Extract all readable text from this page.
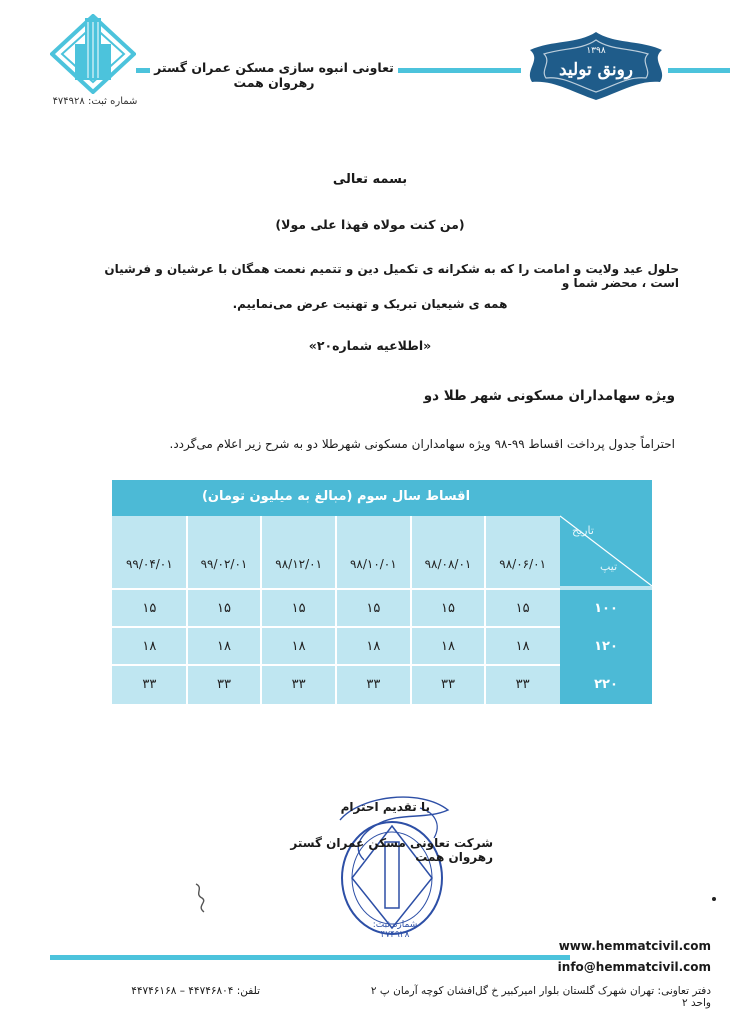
شماره ثبت: ۴۷۴۹۲۸
تعاونی انبوه سازی مسکن عمران گستر رهروان همت
رونق تولید
۱۳۹۸
بسمه تعالی
(من کنت مولاه فهذا علی مولا)
حلول عید ولایت و امامت را که به شکرانه ی تکمیل دین و تتمیم نعمت همگان با عرشیان و فرشیان است ، محضر شما و
همه ی شیعیان تبریک و تهنیت عرض می‌نماییم.
«اطلاعیه شماره۲۰»
ویژه سهامداران مسکونی شهر طلا دو
احتراماً جدول پرداخت اقساط ۹۹-۹۸ ویژه سهامداران مسکونی شهرطلا دو به شرح زیر اعلام می‌گردد.
اقساط سال سوم (مبالغ به میلیون تومان)
تاریخ
تیپ
۹۸/۰۶/۰۱
۹۸/۰۸/۰۱
۹۸/۱۰/۰۱
۹۸/۱۲/۰۱
۹۹/۰۲/۰۱
۹۹/۰۴/۰۱
۱۰۰
۱۵
۱۵
۱۵
۱۵
۱۵
۱۵
۱۲۰
۱۸
۱۸
۱۸
۱۸
۱۸
۱۸
۲۲۰
۳۳
۳۳
۳۳
۳۳
۳۳
۳۳
با تقدیم احترام
شرکت تعاونی مسکن عمران گستر رهروان همت
شماره ثبت: ۴۷۴۹۲۸
www.hemmatcivil.com
info@hemmatcivil.com
دفتر تعاونی: تهران شهرک گلستان بلوار امیرکبیر خ گل‌افشان کوچه آرمان پ ۲ واحد ۲
تلفن: ۴۴۷۴۶۸۰۴ – ۴۴۷۴۶۱۶۸
